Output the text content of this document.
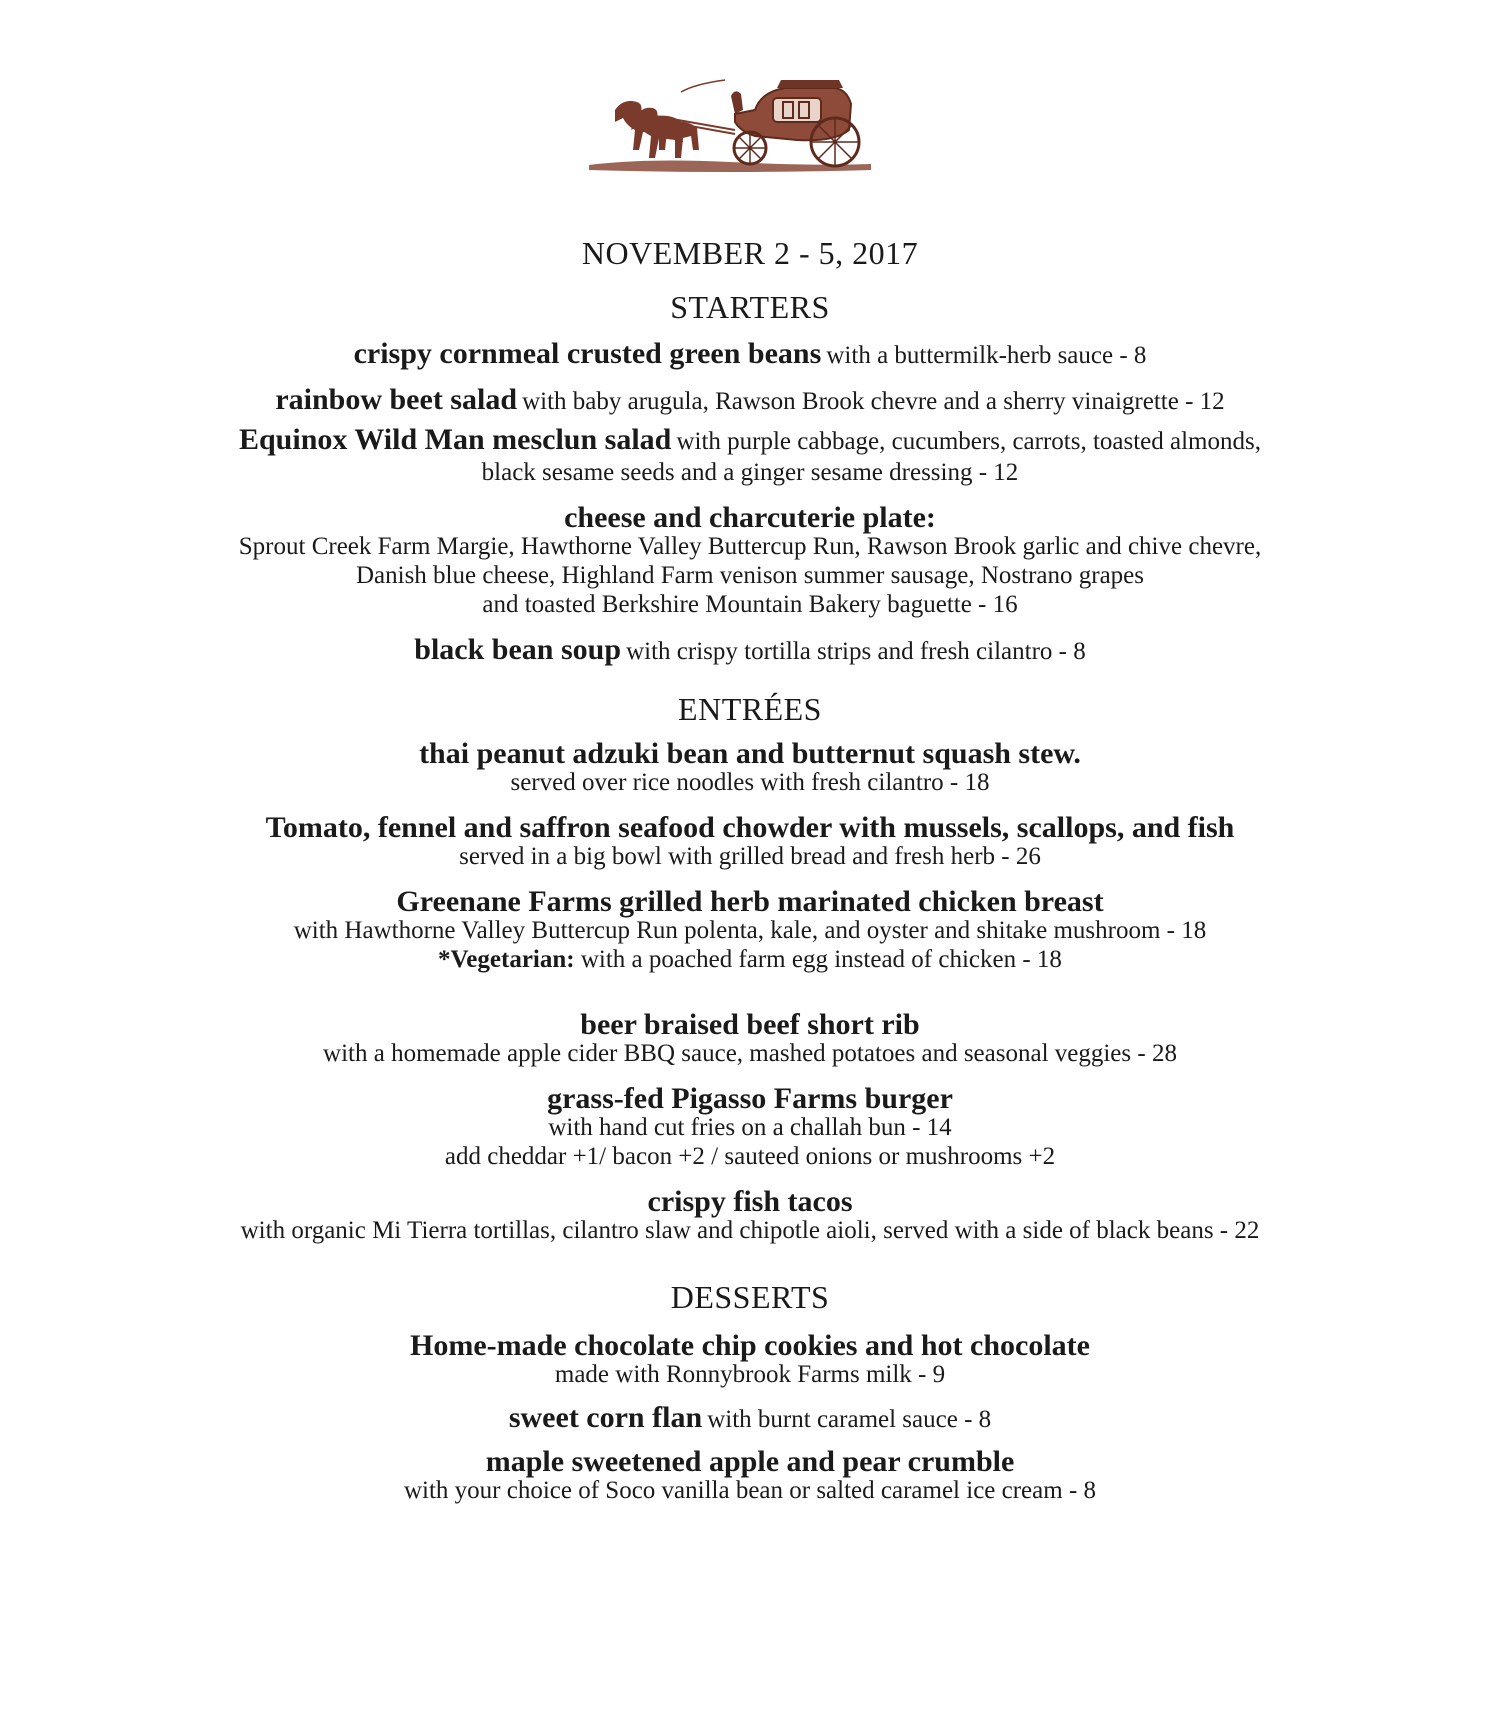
NOVEMBER 2 - 5, 2017
STARTERS
crispy cornmeal crusted green beans with a buttermilk-herb sauce - 8
rainbow beet salad with baby arugula, Rawson Brook chevre and a sherry vinaigrette - 12
Equinox Wild Man mesclun salad with purple cabbage, cucumbers, carrots, toasted almonds,
black sesame seeds and a ginger sesame dressing - 12
cheese and charcuterie plate:
Sprout Creek Farm Margie, Hawthorne Valley Buttercup Run, Rawson Brook garlic and chive chevre,
Danish blue cheese, Highland Farm venison summer sausage, Nostrano grapes
and toasted Berkshire Mountain Bakery baguette - 16
black bean soup with crispy tortilla strips and fresh cilantro - 8
ENTRÉES
thai peanut adzuki bean and butternut squash stew.
served over rice noodles with fresh cilantro - 18
Tomato, fennel and saffron seafood chowder with mussels, scallops, and fish
served in a big bowl with grilled bread and fresh herb - 26
Greenane Farms grilled herb marinated chicken breast
with Hawthorne Valley Buttercup Run polenta, kale, and oyster and shitake mushroom - 18
*Vegetarian: with a poached farm egg instead of chicken - 18
beer braised beef short rib
with a homemade apple cider BBQ sauce, mashed potatoes and seasonal veggies - 28
grass-fed Pigasso Farms burger
with hand cut fries on a challah bun - 14
add cheddar +1/ bacon +2 / sauteed onions or mushrooms +2
crispy fish tacos
with organic Mi Tierra tortillas, cilantro slaw and chipotle aioli, served with a side of black beans - 22
DESSERTS
Home-made chocolate chip cookies and hot chocolate
made with Ronnybrook Farms milk - 9
sweet corn flan with burnt caramel sauce - 8
maple sweetened apple and pear crumble
with your choice of Soco vanilla bean or salted caramel ice cream - 8
